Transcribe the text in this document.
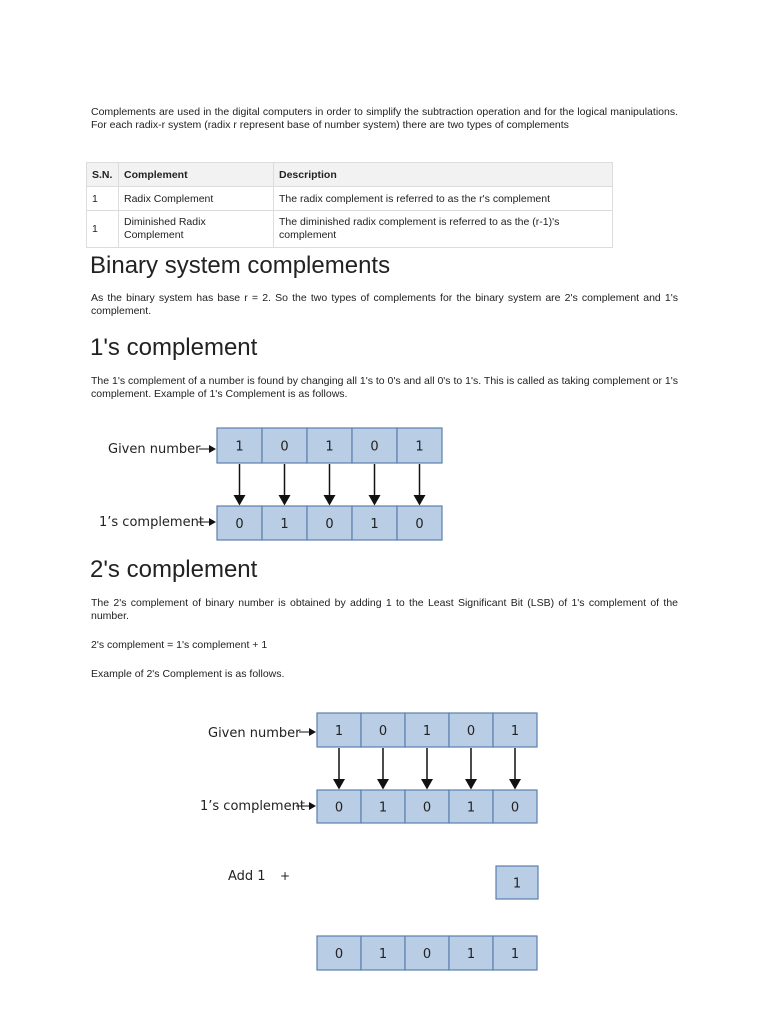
Complements are used in the digital computers in order to simplify the subtraction operation and for the logical manipulations. For each radix-r system (radix r represent base of number system) there are two types of complements

S.N.	Complement	Description
1	Radix Complement	The radix complement is referred to as the r's complement
1	Diminished Radix Complement	The diminished radix complement is referred to as the (r-1)'s complement
Binary system complements

As the binary system has base r = 2. So the two types of complements for the binary system are 2's complement and 1's complement.

1's complement

The 1's complement of a number is found by changing all 1's to 0's and all 0's to 1's. This is called as taking complement or 1's complement. Example of 1's Complement is as follows.

Given number	1	0	1	0	1
1’s complement 0	1	0	1	0
2's complement

The 2's complement of binary number is obtained by adding 1 to the Least Significant Bit (LSB) of 1's complement of the number.

2's complement = 1's complement + 1

Example of 2's Complement is as follows.

Given number	1	0	1	0	1
1’s complement 0	1	0	1	0
Add 1 +
1
0	1	0	1	1
